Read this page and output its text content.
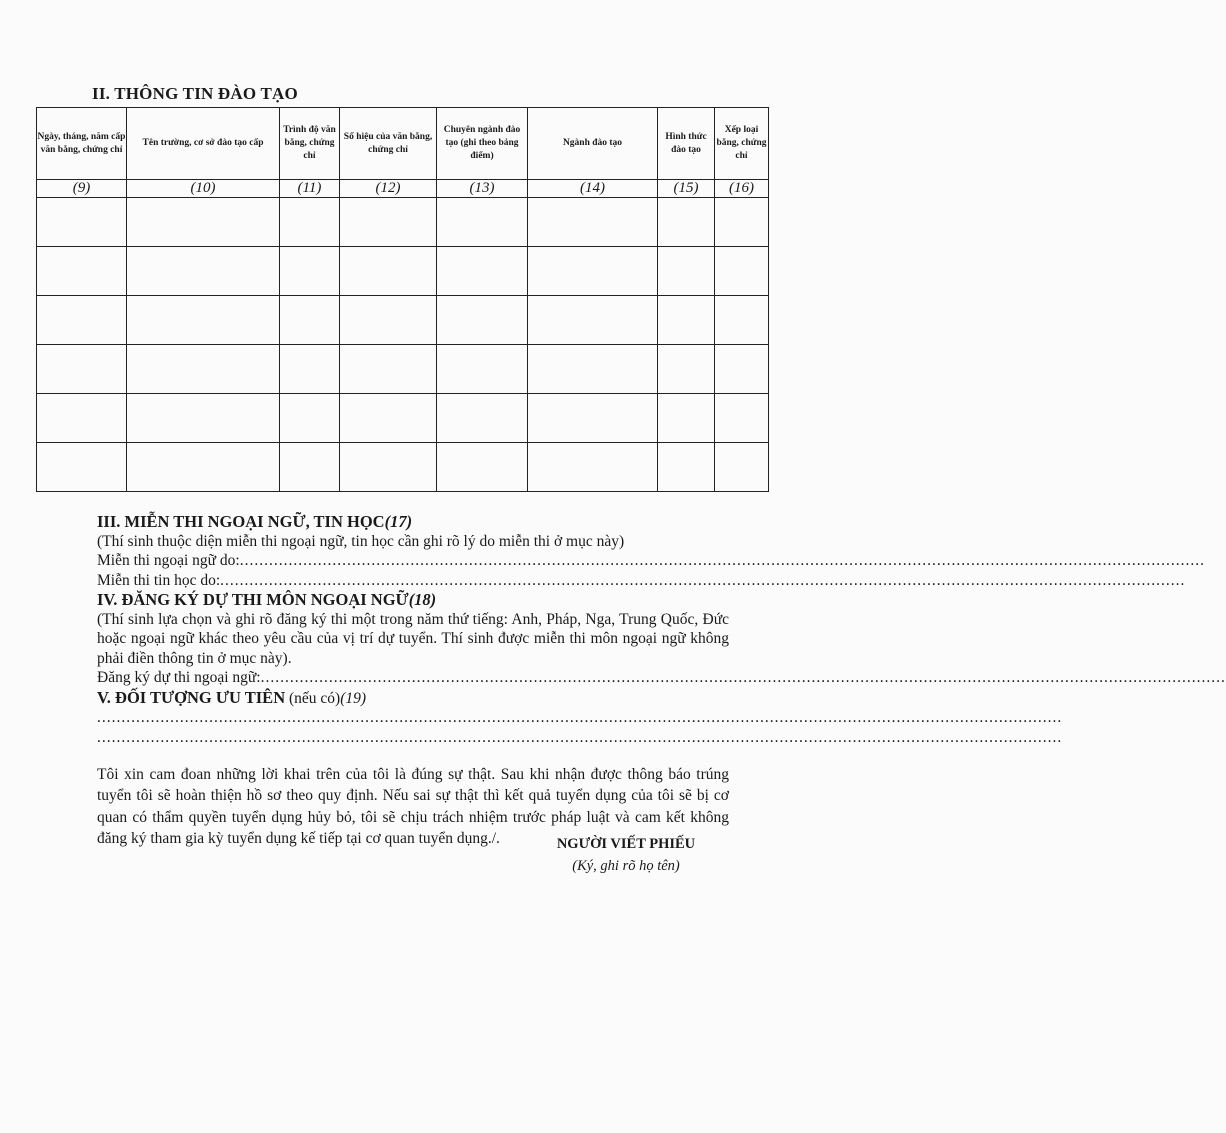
II. THÔNG TIN ĐÀO TẠO
Ngày, tháng, năm cấp văn bằng, chứng chỉ	Tên trường, cơ sở đào tạo cấp	Trình độ văn bằng, chứng chỉ	Số hiệu của văn bằng, chứng chỉ	Chuyên ngành đào tạo (ghi theo bảng điểm)	Ngành đào tạo	Hình thức đào tạo	Xếp loại bằng, chứng chỉ
(9)	(10)	(11)	(12)	(13)	(14)	(15)	(16)

III. MIỄN THI NGOẠI NGỮ, TIN HỌC(17)

(Thí sinh thuộc diện miễn thi ngoại ngữ, tin học cần ghi rõ lý do miễn thi ở mục này)

Miễn thi ngoại ngữ do: ......................................................................................................................................................................................................

Miễn thi tin học do: ......................................................................................................................................................................................................

IV. ĐĂNG KÝ DỰ THI MÔN NGOẠI NGỮ(18)

(Thí sinh lựa chọn và ghi rõ đăng ký thi một trong năm thứ tiếng: Anh, Pháp, Nga, Trung Quốc, Đức hoặc ngoại ngữ khác theo yêu cầu của vị trí dự tuyển. Thí sinh được miễn thi môn ngoại ngữ không phải điền thông tin ở mục này).

Đăng ký dự thi ngoại ngữ: ......................................................................................................................................................................................................

V. ĐỐI TƯỢNG ƯU TIÊN (nếu có)(19)

......................................................................................................................................................................................................

......................................................................................................................................................................................................

Tôi xin cam đoan những lời khai trên của tôi là đúng sự thật. Sau khi nhận được thông báo trúng tuyển tôi sẽ hoàn thiện hồ sơ theo quy định. Nếu sai sự thật thì kết quả tuyển dụng của tôi sẽ bị cơ quan có thẩm quyền tuyển dụng hủy bỏ, tôi sẽ chịu trách nhiệm trước pháp luật và cam kết không đăng ký tham gia kỳ tuyển dụng kế tiếp tại cơ quan tuyển dụng./.	NGƯỜI VIẾT PHIẾU
(Ký, ghi rõ họ tên)
